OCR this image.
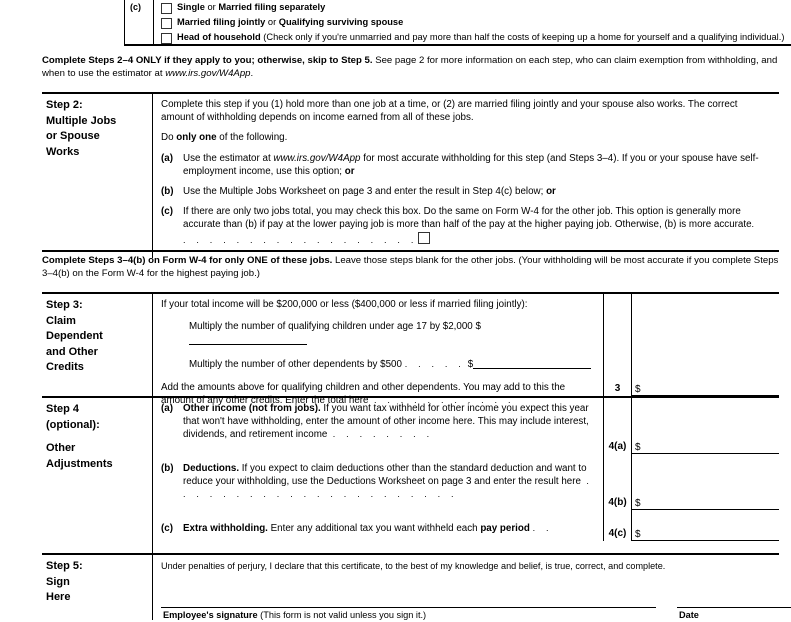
(c)	Single or Married filing separately
Married filing jointly or Qualifying surviving spouse
Head of household (Check only if you're unmarried and pay more than half the costs of keeping up a home for yourself and a qualifying individual.)
Complete Steps 2–4 ONLY if they apply to you; otherwise, skip to Step 5. See page 2 for more information on each step, who can claim exemption from withholding, and when to use the estimator at www.irs.gov/W4App.
Step 2:
Multiple Jobs
or Spouse
Works

Complete this step if you (1) hold more than one job at a time, or (2) are married filing jointly and your spouse also works. The correct amount of withholding depends on income earned from all of these jobs.

Do only one of the following.

(a) Use the estimator at www.irs.gov/W4App for most accurate withholding for this step (and Steps 3–4). If you or your spouse have self-employment income, use this option; or

(b) Use the Multiple Jobs Worksheet on page 3 and enter the result in Step 4(c) below; or

(c) If there are only two jobs total, you may check this box. Do the same on Form W-4 for the other job. This option is generally more accurate than (b) if pay at the lower paying job is more than half of the pay at the higher paying job. Otherwise, (b) is more accurate. . . . . . . . . . . . . . . . . . .

Complete Steps 3–4(b) on Form W-4 for only ONE of these jobs. Leave those steps blank for the other jobs. (Your withholding will be most accurate if you complete Steps 3–4(b) on the Form W-4 for the highest paying job.)
Step 3:
Claim
Dependent
and Other
Credits

If your total income will be $200,000 or less ($400,000 or less if married filing jointly):

Multiply the number of qualifying children under age 17 by $2,000 $

Multiply the number of other dependents by $500 . . . . . $

Add the amounts above for qualifying children and other dependents. You may add to this the amount of any other credits. Enter the total here . . . . . . . . . . .

3	$
Step 4
(optional):
Other
Adjustments

(a) Other income (not from jobs). If you want tax withheld for other income you expect this year that won't have withholding, enter the amount of other income here. This may include interest, dividends, and retirement income . . . . . . . .

4(a) $

(b) Deductions. If you expect to claim deductions other than the standard deduction and want to reduce your withholding, use the Deductions Worksheet on page 3 and enter the result here . . . . . . . . . . . . . . . . . . . . . .

4(b) $

(c) Extra withholding. Enter any additional tax you want withheld each pay period . .	4(c) $
Step 5:
Sign
Here
Under penalties of perjury, I declare that this certificate, to the best of my knowledge and belief, is true, correct, and complete.
Employee's signature (This form is not valid unless you sign it.)	Date
